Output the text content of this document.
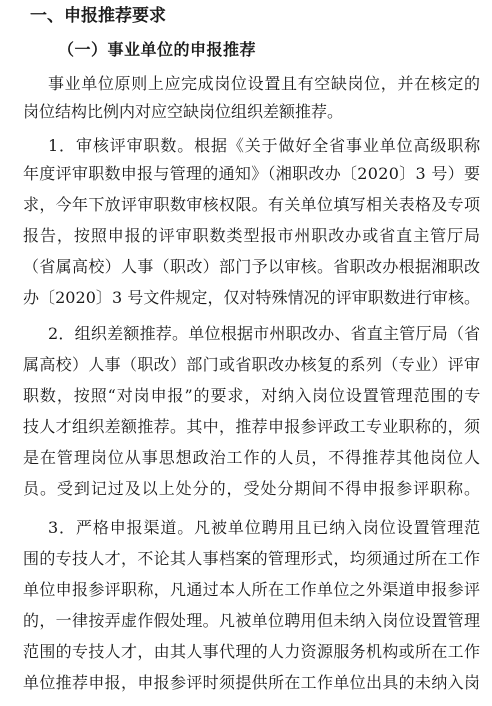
一、申报推荐要求
（一）事业单位的申报推荐

事业单位原则上应完成岗位设置且有空缺岗位，并在核定的

岗位结构比例内对应空缺岗位组织差额推荐。

1．审核评审职数。根据《关于做好全省事业单位高级职称

年度评审职数申报与管理的通知》（湘职改办〔2020〕3 号）要

求，今年下放评审职数审核权限。有关单位填写相关表格及专项

报告，按照申报的评审职数类型报市州职改办或省直主管厅局

（省属高校）人事（职改）部门予以审核。省职改办根据湘职改

办〔2020〕3 号文件规定，仅对特殊情况的评审职数进行审核。

2．组织差额推荐。单位根据市州职改办、省直主管厅局（省

属高校）人事（职改）部门或省职改办核复的系列（专业）评审

职数，按照“对岗申报”的要求，对纳入岗位设置管理范围的专

技人才组织差额推荐。其中，推荐申报参评政工专业职称的，须

是在管理岗位从事思想政治工作的人员，不得推荐其他岗位人

员。受到记过及以上处分的，受处分期间不得申报参评职称。

3．严格申报渠道。凡被单位聘用且已纳入岗位设置管理范

围的专技人才，不论其人事档案的管理形式，均须通过所在工作

单位申报参评职称，凡通过本人所在工作单位之外渠道申报参评

的，一律按弄虚作假处理。凡被单位聘用但未纳入岗位设置管理

范围的专技人才，由其人事代理的人力资源服务机构或所在工作

单位推荐申报，申报参评时须提供所在工作单位出具的未纳入岗
